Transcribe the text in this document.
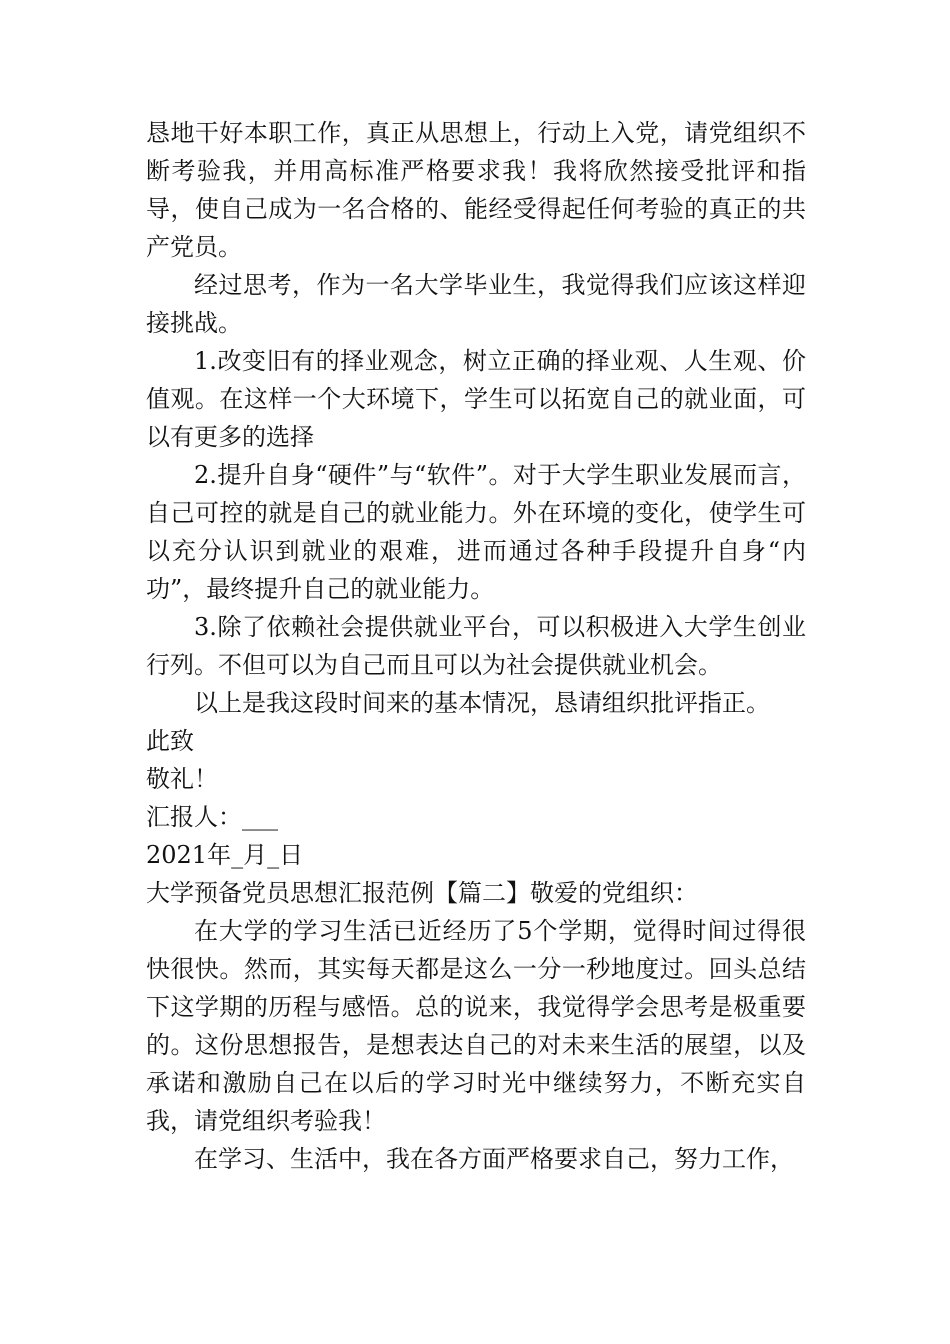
恳地干好本职工作，真正从思想上，行动上入党，请党组织不断考验我，并用高标准严格要求我！我将欣然接受批评和指导，使自己成为一名合格的、能经受得起任何考验的真正的共产党员。

经过思考，作为一名大学毕业生，我觉得我们应该这样迎接挑战。

1.改变旧有的择业观念，树立正确的择业观、人生观、价值观。在这样一个大环境下，学生可以拓宽自己的就业面，可以有更多的选择

2.提升自身“硬件”与“软件”。对于大学生职业发展而言，自己可控的就是自己的就业能力。外在环境的变化，使学生可以充分认识到就业的艰难，进而通过各种手段提升自身“内功”，最终提升自己的就业能力。

3.除了依赖社会提供就业平台，可以积极进入大学生创业行列。不但可以为自己而且可以为社会提供就业机会。

以上是我这段时间来的基本情况，恳请组织批评指正。

此致

敬礼！

汇报人：___

2021年_月_日

大学预备党员思想汇报范例【篇二】敬爱的党组织：

在大学的学习生活已近经历了5个学期，觉得时间过得很快很快。然而，其实每天都是这么一分一秒地度过。回头总结下这学期的历程与感悟。总的说来，我觉得学会思考是极重要的。这份思想报告，是想表达自己的对未来生活的展望，以及承诺和激励自己在以后的学习时光中继续努力，不断充实自我，请党组织考验我！

在学习、生活中，我在各方面严格要求自己，努力工作，
